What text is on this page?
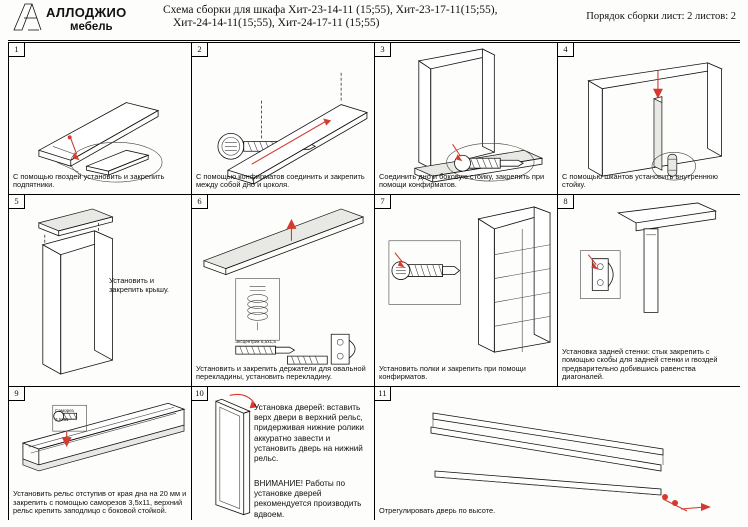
АЛЛОДЖИО
мебель
Схема сборки для шкафа Хит-23-14-11 (15;55), Хит-23-17-11(15;55),
Хит-24-14-11(15;55), Хит-24-17-11 (15;55)
Порядок сборки лист: 2 листов: 2
1
С помощью гвоздей установить и закрепить подпятники.
2
С помощью конфирматов соединить и закрепить между собой дно и цоколя.
3
Соединить дно и боковую стойку, закрепить при помощи конфирматов.
4
С помощью шкантов установить внутреннюю стойку.
5
Установить и закрепить крышу.
6
Эксцентрик 6,5х1,5
Установить и закрепить держатели для овальной перекладины, установить перекладину.
7
Установить полки и закрепить при помощи конфирматов.
8
Установка задней стенки: стык закрепить с помощью скобы для задней стенки и гвоздей предварительно добившись равенства диагоналей.
9
Саморез 3,5х11
Установить рельс отступив от края дна на 20 мм и закрепить с помощью саморезов 3,5х11, верхний рельс крепить заподлицо с боковой стойкой.
10
Установка дверей: вставить верх двери в верхний рельс, придерживая нижние ролики аккуратно завести и установить дверь на нижний рельс.
ВНИМАНИЕ! Работы по установке дверей рекомендуется производить вдвоем.
11
Отрегулировать дверь по высоте.
